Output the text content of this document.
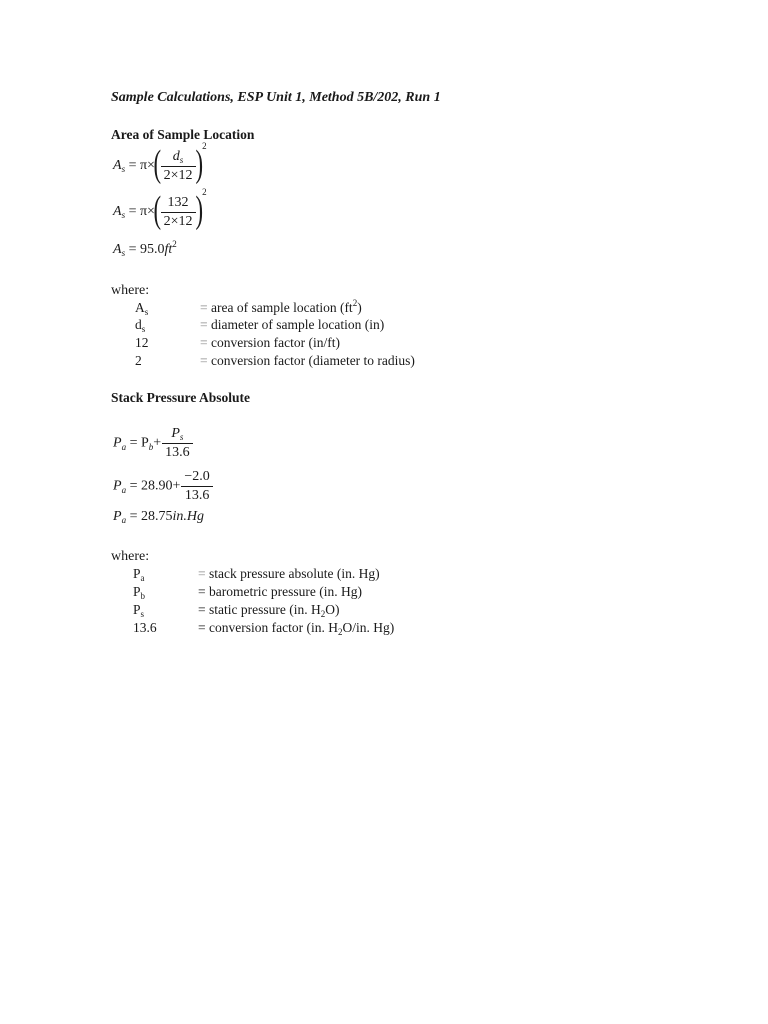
Sample Calculations, ESP Unit 1, Method 5B/202, Run 1
Area of Sample Location
$A_s = \pi\times( \frac{d_s}{2\times 12} )^2$
$A_s = \pi\times( \frac{132}{2\times 12} )^2$
$A_s = 95.0ft^2$
where:
$A_s$	= area of sample location $(ft^2)$
$d_s$	= diameter of sample location (in)
12	= conversion factor (in/ft)
2	= conversion factor (diameter to radius)
Stack Pressure Absolute
$P_a = P_b+ \frac{P_s}{13.6}$
$P_a = 28.90+ \frac{-2.0}{13.6}$
$P_a = 28.75in.Hg$
where:
$P_a$	= stack pressure absolute (in. Hg)
$P_b$	= barometric pressure (in. Hg)
$P_s$	= static pressure (in. $H_2O$)
13.6	= conversion factor (in. $H_2O/in$. Hg)
